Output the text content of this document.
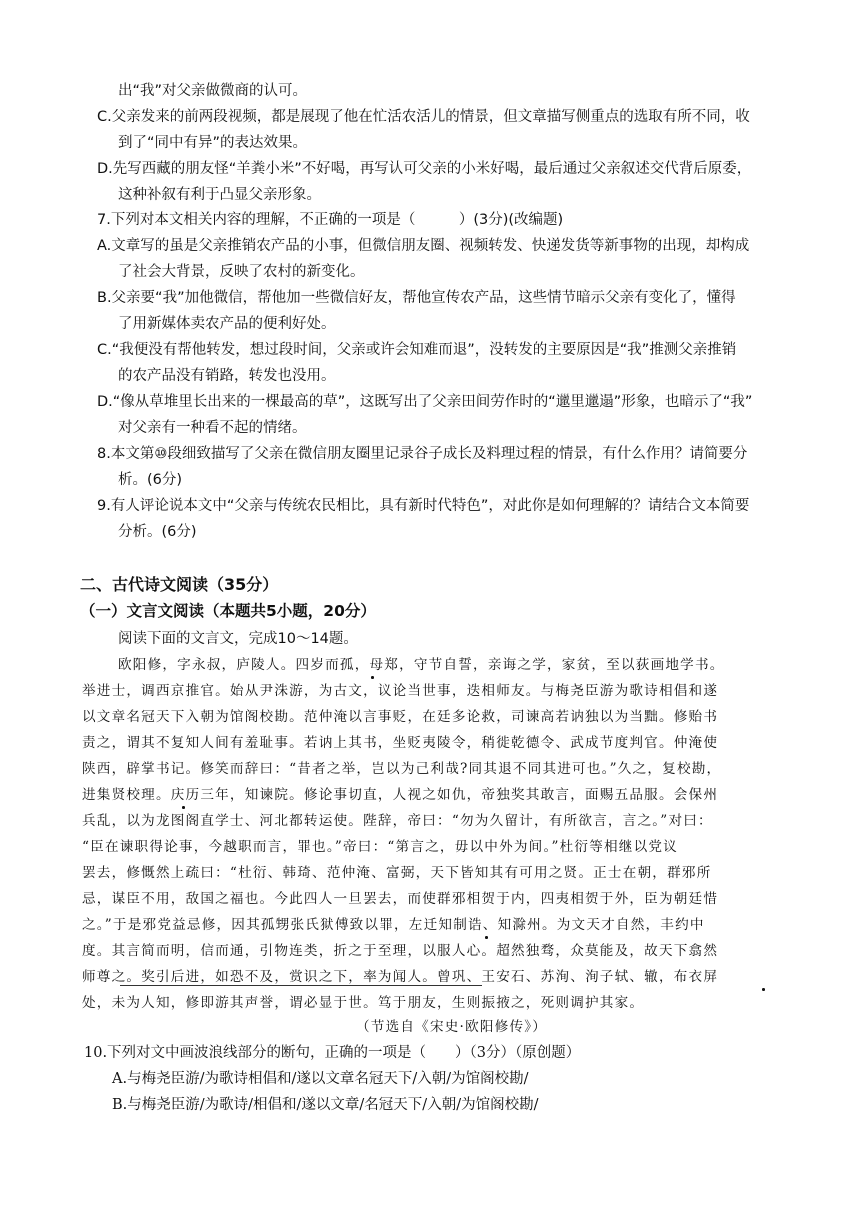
出“我”对父亲做微商的认可。
C.父亲发来的前两段视频，都是展现了他在忙活农活儿的情景，但文章描写侧重点的选取有所不同，收
到了“同中有异”的表达效果。
D.先写西藏的朋友怪“羊粪小米”不好喝，再写认可父亲的小米好喝，最后通过父亲叙述交代背后原委，
这种补叙有利于凸显父亲形象。
7.下列对本文相关内容的理解，不正确的一项是（　　　）(3分)(改编题)
A.文章写的虽是父亲推销农产品的小事，但微信朋友圈、视频转发、快递发货等新事物的出现，却构成
了社会大背景，反映了农村的新变化。
B.父亲要“我”加他微信，帮他加一些微信好友，帮他宣传农产品，这些情节暗示父亲有变化了，懂得
了用新媒体卖农产品的便利好处。
C.“我便没有帮他转发，想过段时间，父亲或许会知难而退”，没转发的主要原因是“我”推测父亲推销
的农产品没有销路，转发也没用。
D.“像从草堆里长出来的一棵最高的草”，这既写出了父亲田间劳作时的“邋里邋遢”形象，也暗示了“我”
对父亲有一种看不起的情绪。
8.本文第⑩段细致描写了父亲在微信朋友圈里记录谷子成长及料理过程的情景，有什么作用？请简要分
析。(6分)
9.有人评论说本文中“父亲与传统农民相比，具有新时代特色”，对此你是如何理解的？请结合文本简要
分析。(6分)
二、古代诗文阅读（35分）
（一）文言文阅读（本题共5小题，20分）
阅读下面的文言文，完成10～14题。
欧阳修，字永叔，庐陵人。四岁而孤，母郑，守节自誓，亲诲之学，家贫，至以荻画地学书。
举进士，调西京推官。始从尹洙游，为古文，议论当世事，迭相师友。与梅尧臣游为歌诗相倡和遂
以文章名冠天下入朝为馆阁校勘。范仲淹以言事贬，在廷多论救，司谏高若讷独以为当黜。修贻书
责之，谓其不复知人间有羞耻事。若讷上其书，坐贬夷陵令，稍徙乾德令、武成节度判官。仲淹使
陕西，辟掌书记。修笑而辞曰：“昔者之举，岂以为己利哉?同其退不同其进可也。”久之，复校勘，
进集贤校理。庆历三年，知谏院。修论事切直，人视之如仇，帝独奖其敢言，面赐五品服。会保州
兵乱，以为龙图阁直学士、河北都转运使。陛辞，帝曰：“勿为久留计，有所欲言，言之。”对曰：
“臣在谏职得论事，今越职而言，罪也。”帝曰：“第言之，毋以中外为间。”杜衍等相继以党议
罢去，修慨然上疏曰：“杜衍、韩琦、范仲淹、富弼，天下皆知其有可用之贤。正士在朝，群邪所
忌，谋臣不用，敌国之福也。今此四人一旦罢去，而使群邪相贺于内，四夷相贺于外，臣为朝廷惜
之。”于是邪党益忌修，因其孤甥张氏狱傅致以罪，左迁知制诰、知滁州。为文天才自然，丰约中
度。其言简而明，信而通，引物连类，折之于至理，以服人心。超然独骛，众莫能及，故天下翕然
师尊之。奖引后进，如恐不及，赏识之下，率为闻人。曾巩、王安石、苏洵、洵子轼、辙，布衣屏
处，未为人知，修即游其声誉，谓必显于世。笃于朋友，生则振掖之，死则调护其家。
（节选自《宋史·欧阳修传》）
10.下列对文中画波浪线部分的断句，正确的一项是（　　）（3分）（原创题）
A.与梅尧臣游/为歌诗相倡和/遂以文章名冠天下/入朝/为馆阁校勘/
B.与梅尧臣游/为歌诗/相倡和/遂以文章/名冠天下/入朝/为馆阁校勘/
